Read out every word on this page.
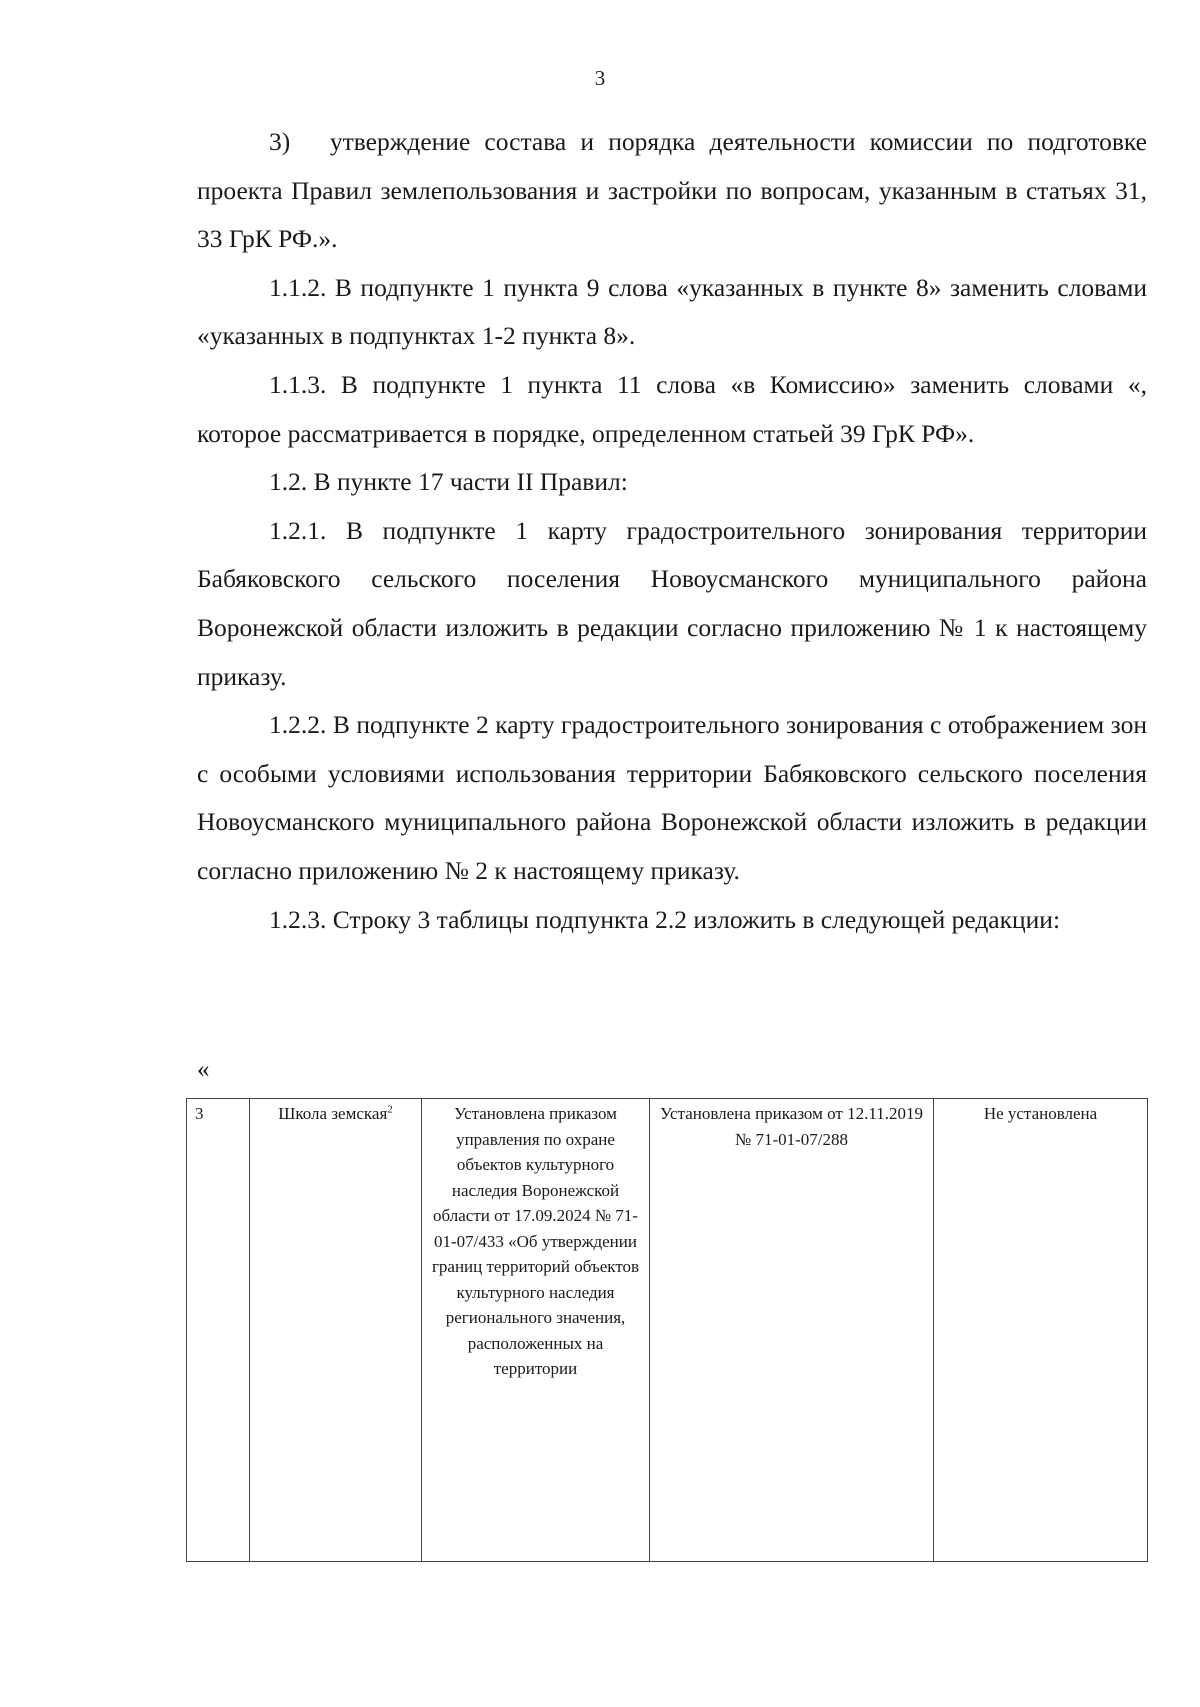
3

3)  утверждение состава и порядка деятельности комиссии по подготовке проекта Правил землепользования и застройки по вопросам, указанным в статьях 31, 33 ГрК РФ.».

1.1.2. В подпункте 1 пункта 9 слова «указанных в пункте 8» заменить словами «указанных в подпунктах 1-2 пункта 8».

1.1.3. В подпункте 1 пункта 11 слова «в Комиссию» заменить словами «, которое рассматривается в порядке, определенном статьей 39 ГрК РФ».

1.2. В пункте 17 части II Правил:

1.2.1. В подпункте 1 карту градостроительного зонирования территории Бабяковского сельского поселения Новоусманского муниципального района Воронежской области изложить в редакции согласно приложению № 1 к настоящему приказу.

1.2.2. В подпункте 2 карту градостроительного зонирования с отображением зон с особыми условиями использования территории Бабяковского сельского поселения Новоусманского муниципального района Воронежской области изложить в редакции согласно приложению № 2 к настоящему приказу.

1.2.3. Строку 3 таблицы подпункта 2.2 изложить в следующей редакции:

«
3	Школа земская$^2$	Установлена приказом управления по охране объектов культурного наследия Воронежской области от 17.09.2024 № 71-01-07/433 «Об утверждении границ территорий объектов культурного наследия регионального значения, расположенных на территории	Установлена приказом от 12.11.2019 № 71-01-07/288	Не установлена
